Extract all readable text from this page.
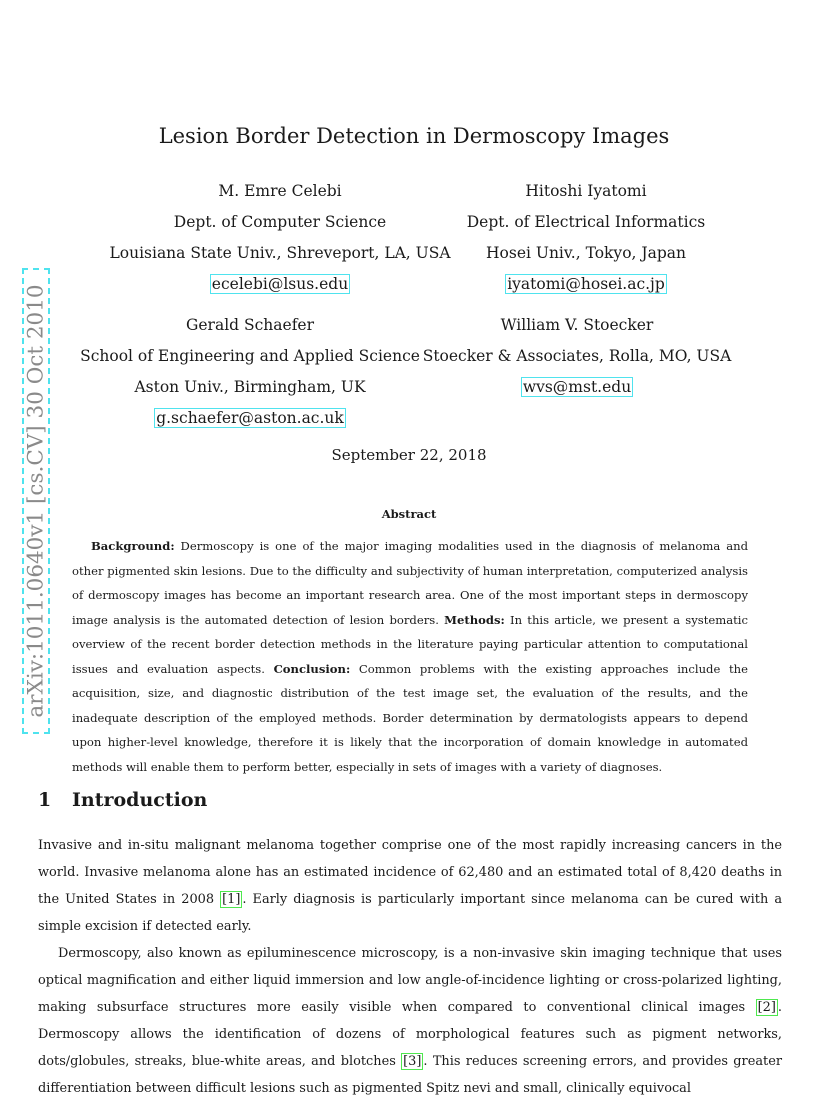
arXiv:1011.0640v1 [cs.CV] 30 Oct 2010
Lesion Border Detection in Dermoscopy Images
M. Emre Celebi
Dept. of Computer Science
Louisiana State Univ., Shreveport, LA, USA
ecelebi@lsus.edu
Hitoshi Iyatomi
Dept. of Electrical Informatics
Hosei Univ., Tokyo, Japan
iyatomi@hosei.ac.jp
Gerald Schaefer
School of Engineering and Applied Science
Aston Univ., Birmingham, UK
g.schaefer@aston.ac.uk
William V. Stoecker
Stoecker & Associates, Rolla, MO, USA
wvs@mst.edu
September 22, 2018
Abstract

Background: Dermoscopy is one of the major imaging modalities used in the diagnosis of melanoma and other pigmented skin lesions. Due to the difficulty and subjectivity of human interpretation, computerized analysis of dermoscopy images has become an important research area. One of the most important steps in dermoscopy image analysis is the automated detection of lesion borders. Methods: In this article, we present a systematic overview of the recent border detection methods in the literature paying particular attention to computational issues and evaluation aspects. Conclusion: Common problems with the existing approaches include the acquisition, size, and diagnostic distribution of the test image set, the evaluation of the results, and the inadequate description of the employed methods. Border determination by dermatologists appears to depend upon higher-level knowledge, therefore it is likely that the incorporation of domain knowledge in automated methods will enable them to perform better, especially in sets of images with a variety of diagnoses.

1 Introduction

Invasive and in-situ malignant melanoma together comprise one of the most rapidly increasing cancers in the world. Invasive melanoma alone has an estimated incidence of 62,480 and an estimated total of 8,420 deaths in the United States in 2008 [1] . Early diagnosis is particularly important since melanoma can be cured with a simple excision if detected early.

Dermoscopy, also known as epiluminescence microscopy, is a non-invasive skin imaging technique that uses optical magnification and either liquid immersion and low angle-of-incidence lighting or cross-polarized lighting, making subsurface structures more easily visible when compared to conventional clinical images [2] . Dermoscopy allows the identification of dozens of morphological features such as pigment networks, dots/globules, streaks, blue-white areas, and blotches [3] . This reduces screening errors, and provides greater differentiation between difficult lesions such as pigmented Spitz nevi and small, clinically equivocal
